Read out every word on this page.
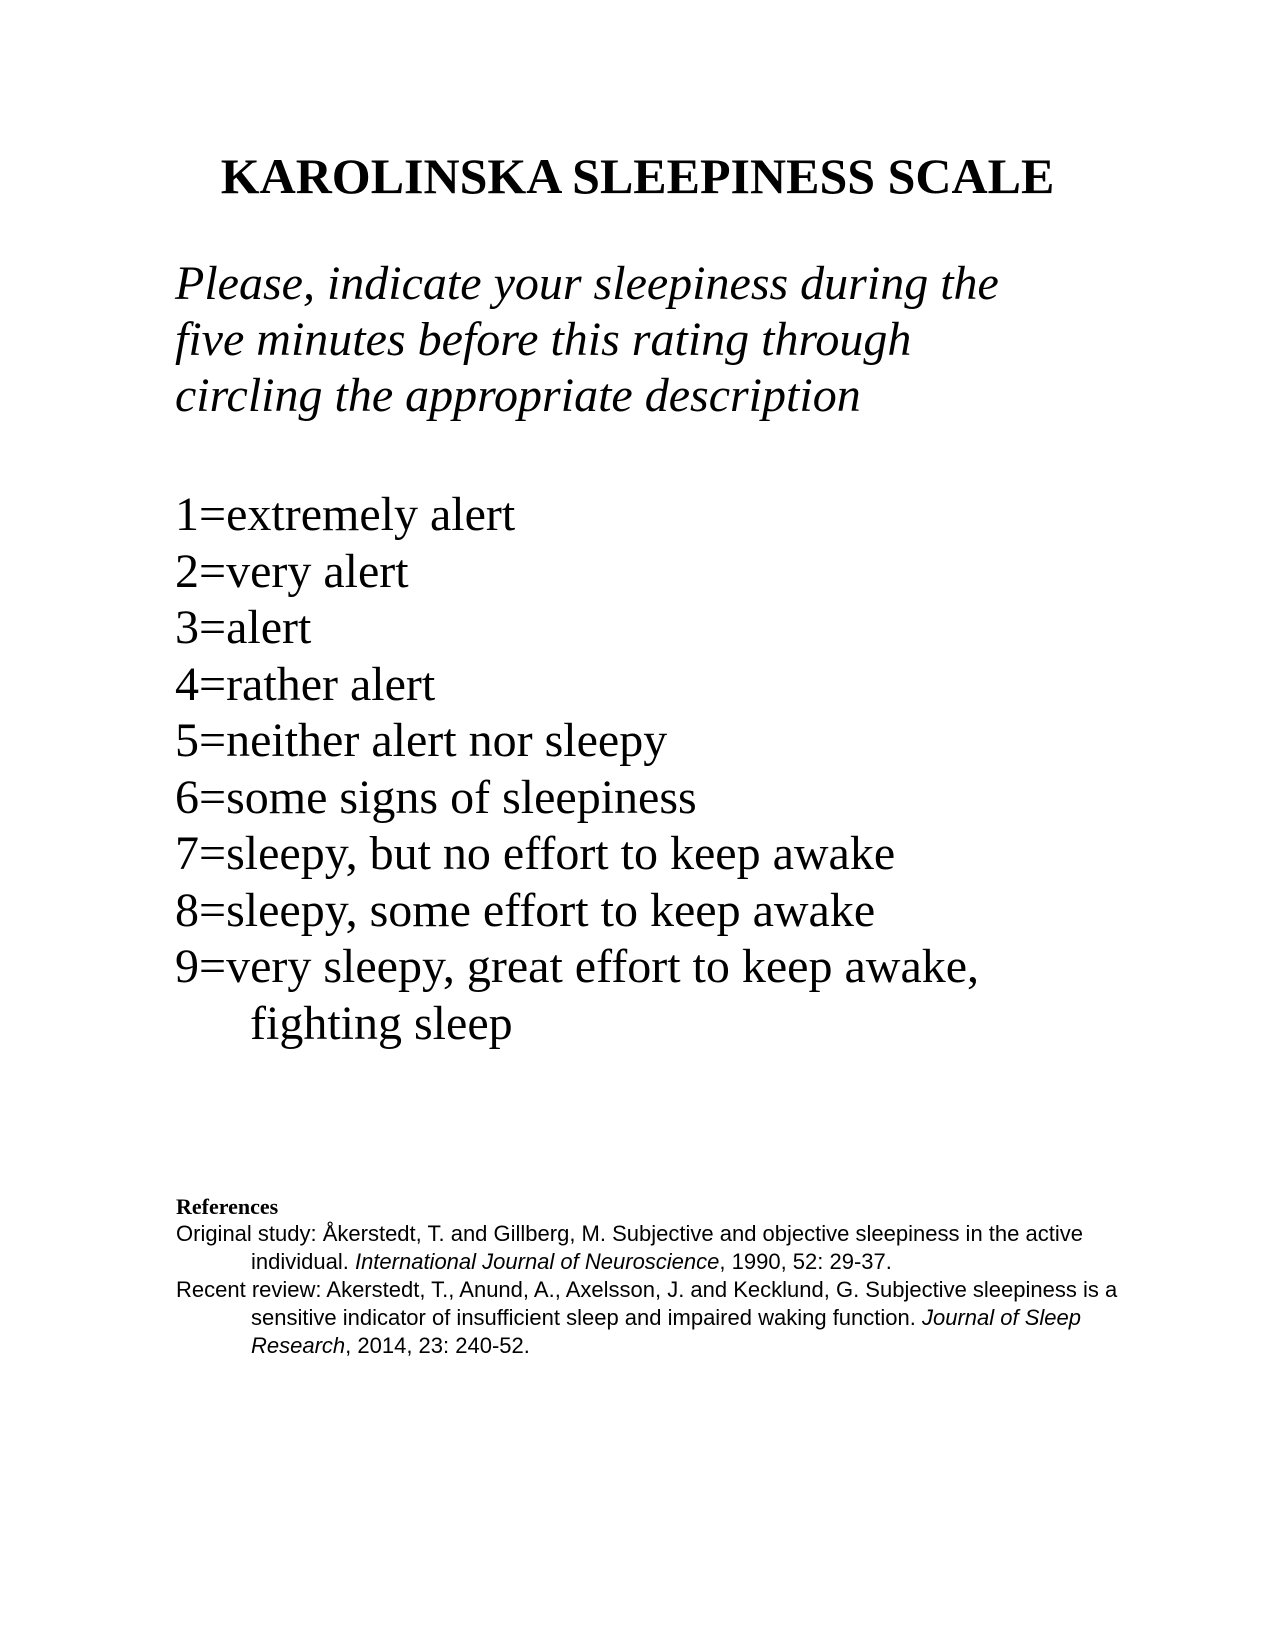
KAROLINSKA SLEEPINESS SCALE
Please, indicate your sleepiness during the
five minutes before this rating through
circling the appropriate description
1=extremely alert
2=very alert
3=alert
4=rather alert
5=neither alert nor sleepy
6=some signs of sleepiness
7=sleepy, but no effort to keep awake
8=sleepy, some effort to keep awake
9=very sleepy, great effort to keep awake,
fighting sleep
References
Original study: Åkerstedt, T. and Gillberg, M. Subjective and objective sleepiness in the active individual. International Journal of Neuroscience, 1990, 52: 29-37.
Recent review: Akerstedt, T., Anund, A., Axelsson, J. and Kecklund, G. Subjective sleepiness is a sensitive indicator of insufficient sleep and impaired waking function. Journal of Sleep Research, 2014, 23: 240-52.
